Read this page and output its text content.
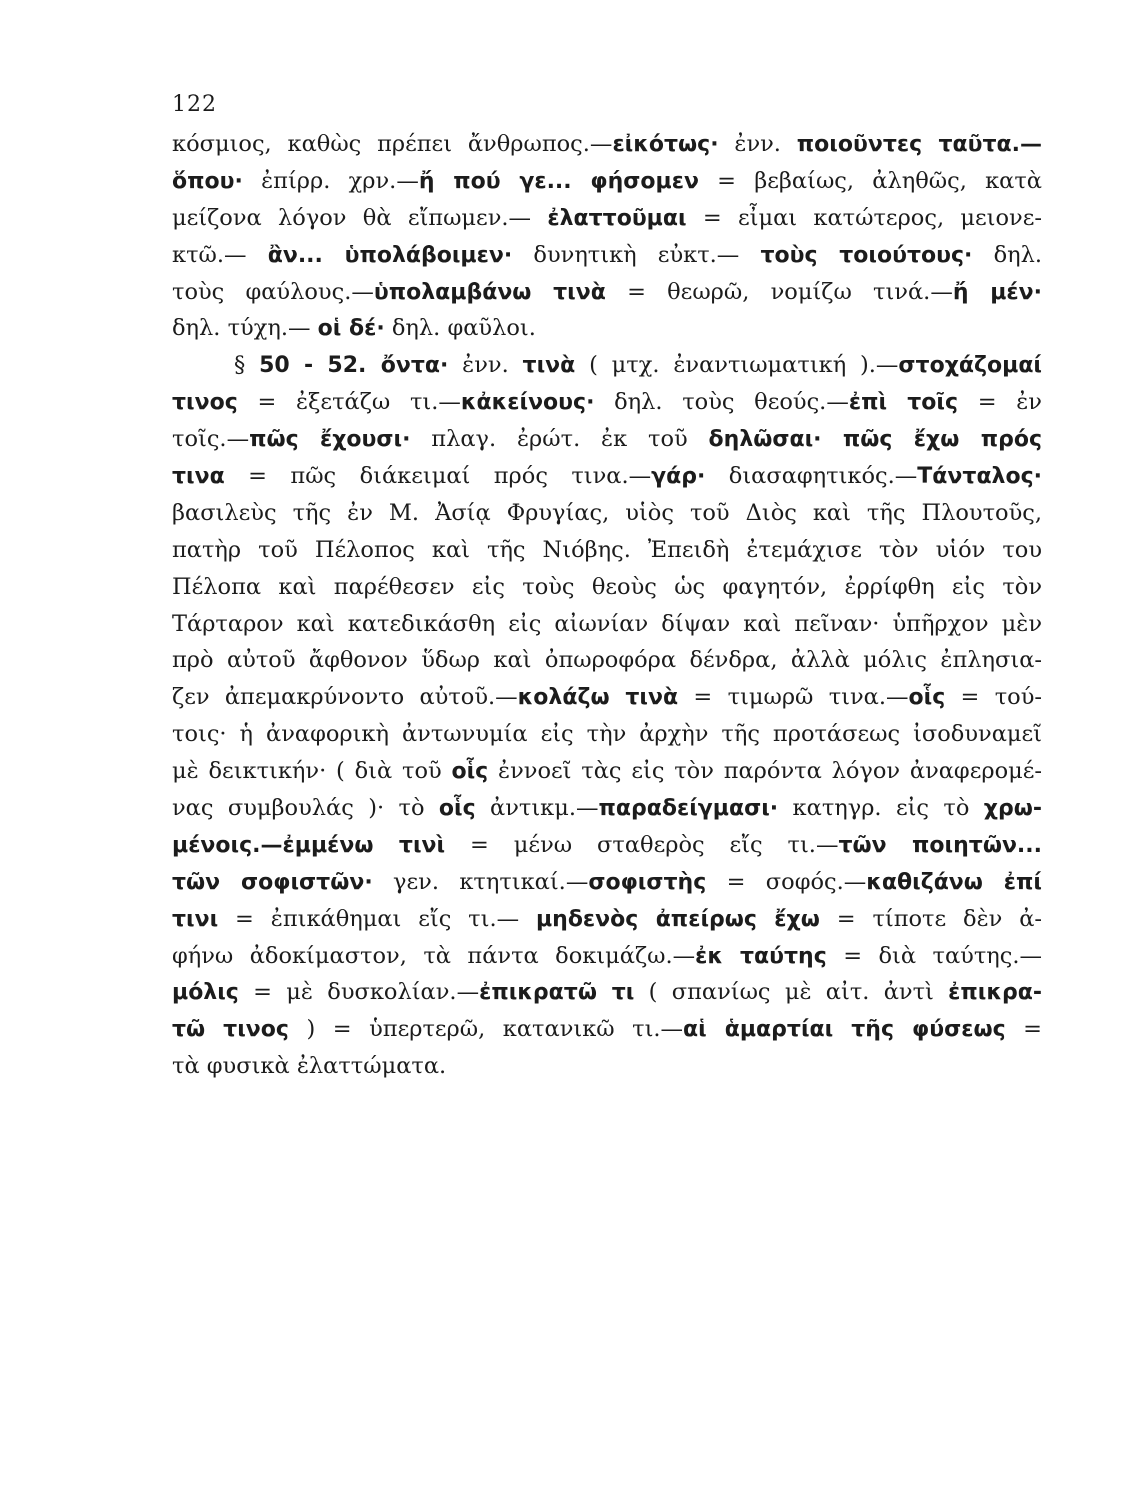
122
κόσμιος, καθὼς πρέπει ἄνθρωπος.—εἰκότως· ἐνν. ποιοῦντες ταῦτα.—
ὅπου· ἐπίρρ. χρν.—ἤ πού γε... φήσομεν = βεβαίως, ἀληθῶς, κατὰ
μείζονα λόγον θὰ εἴπωμεν.— ἐλαττοῦμαι = εἶμαι κατώτερος, μειονε-
κτῶ.— ἂν... ὑπολάβοιμεν· δυνητικὴ εὐκτ.— τοὺς τοιούτους· δηλ.
τοὺς φαύλους.—ὑπολαμβάνω τινὰ = θεωρῶ, νομίζω τινά.—ἤ μέν·
δηλ. τύχη.— οἱ δέ· δηλ. φαῦλοι.
§ 50 - 52. ὄντα· ἐνν. τινὰ ( μτχ. ἐναντιωματική ).—στοχάζομαί
τινος = ἐξετάζω τι.—κἀκείνους· δηλ. τοὺς θεούς.—ἐπὶ τοῖς = ἐν
τοῖς.—πῶς ἔχουσι· πλαγ. ἐρώτ. ἐκ τοῦ δηλῶσαι· πῶς ἔχω πρός
τινα = πῶς διάκειμαί πρός τινα.—γάρ· διασαφητικός.—Τάνταλος·
βασιλεὺς τῆς ἐν Μ. Ἀσίᾳ Φρυγίας, υἱὸς τοῦ Διὸς καὶ τῆς Πλουτοῦς,
πατὴρ τοῦ Πέλοπος καὶ τῆς Νιόβης. Ἐπειδὴ ἐτεμάχισε τὸν υἱόν του
Πέλοπα καὶ παρέθεσεν εἰς τοὺς θεοὺς ὡς φαγητόν, ἐρρίφθη εἰς τὸν
Τάρταρον καὶ κατεδικάσθη εἰς αἰωνίαν δίψαν καὶ πεῖναν· ὑπῆρχον μὲν
πρὸ αὐτοῦ ἄφθονον ὕδωρ καὶ ὀπωροφόρα δένδρα, ἀλλὰ μόλις ἐπλησια-
ζεν ἀπεμακρύνοντο αὐτοῦ.—κολάζω τινὰ = τιμωρῶ τινα.—οἷς = τού-
τοις· ἡ ἀναφορικὴ ἀντωνυμία εἰς τὴν ἀρχὴν τῆς προτάσεως ἰσοδυναμεῖ
μὲ δεικτικήν· ( διὰ τοῦ οἷς ἐννοεῖ τὰς εἰς τὸν παρόντα λόγον ἀναφερομέ-
νας συμβουλάς )· τὸ οἷς ἀντικμ.—παραδείγμασι· κατηγρ. εἰς τὸ χρω-
μένοις.—ἐμμένω τινὶ = μένω σταθερὸς εἴς τι.—τῶν ποιητῶν...
τῶν σοφιστῶν· γεν. κτητικαί.—σοφιστὴς = σοφός.—καθιζάνω ἐπί
τινι = ἐπικάθημαι εἴς τι.— μηδενὸς ἀπείρως ἔχω = τίποτε δὲν ἀ-
φήνω ἀδοκίμαστον, τὰ πάντα δοκιμάζω.—ἐκ ταύτης = διὰ ταύτης.—
μόλις = μὲ δυσκολίαν.—ἐπικρατῶ τι ( σπανίως μὲ αἰτ. ἀντὶ ἐπικρα-
τῶ τινος ) = ὑπερτερῶ, κατανικῶ τι.—αἱ ἁμαρτίαι τῆς φύσεως =
τὰ φυσικὰ ἐλαττώματα.
